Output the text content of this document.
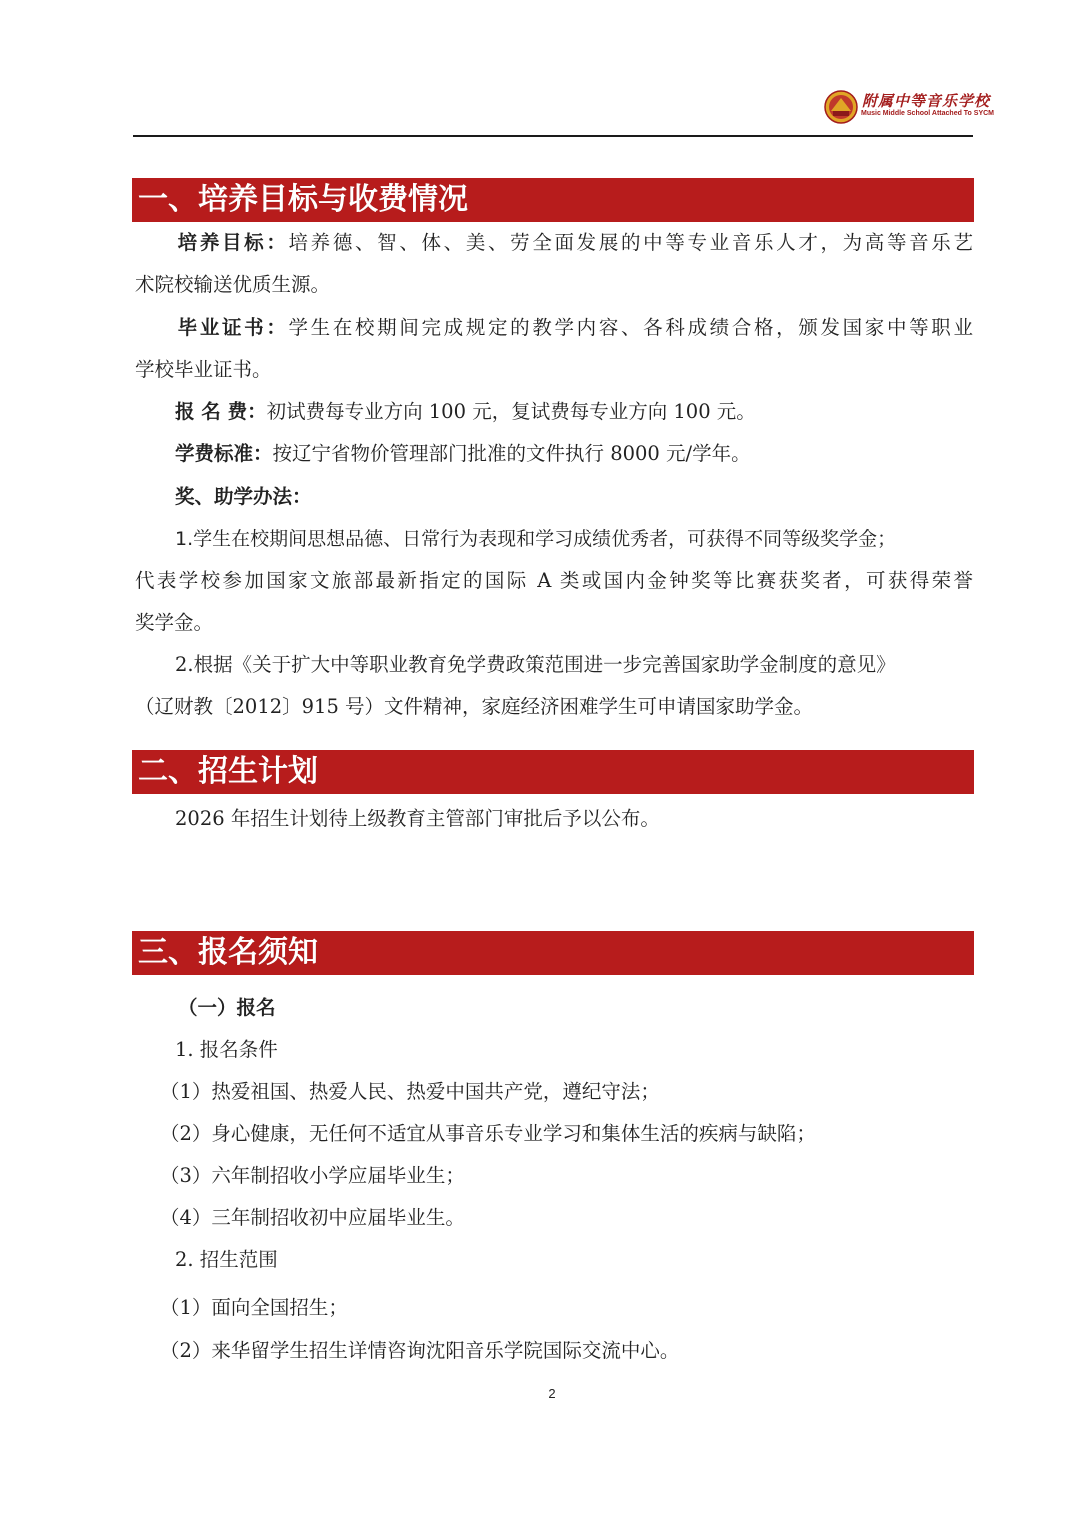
附属中等音乐学校
Music Middle School Attached To SYCM
一、培养目标与收费情况
培养目标：培养德、智、体、美、劳全面发展的中等专业音乐人才，为高等音乐艺
术院校输送优质生源。
毕业证书：学生在校期间完成规定的教学内容、各科成绩合格，颁发国家中等职业
学校毕业证书。
报 名 费：初试费每专业方向 100 元，复试费每专业方向 100 元。
学费标准：按辽宁省物价管理部门批准的文件执行 8000 元/学年。
奖、助学办法：
1.学生在校期间思想品德、日常行为表现和学习成绩优秀者，可获得不同等级奖学金；
代表学校参加国家文旅部最新指定的国际 A 类或国内金钟奖等比赛获奖者，可获得荣誉
奖学金。
2.根据《关于扩大中等职业教育免学费政策范围进一步完善国家助学金制度的意见》
（辽财教〔2012〕915 号）文件精神，家庭经济困难学生可申请国家助学金。
二、招生计划
2026 年招生计划待上级教育主管部门审批后予以公布。
三、报名须知
（一）报名
1. 报名条件
（1）热爱祖国、热爱人民、热爱中国共产党，遵纪守法；
（2）身心健康，无任何不适宜从事音乐专业学习和集体生活的疾病与缺陷；
（3）六年制招收小学应届毕业生；
（4）三年制招收初中应届毕业生。
2. 招生范围
（1）面向全国招生；
（2）来华留学生招生详情咨询沈阳音乐学院国际交流中心。
2
